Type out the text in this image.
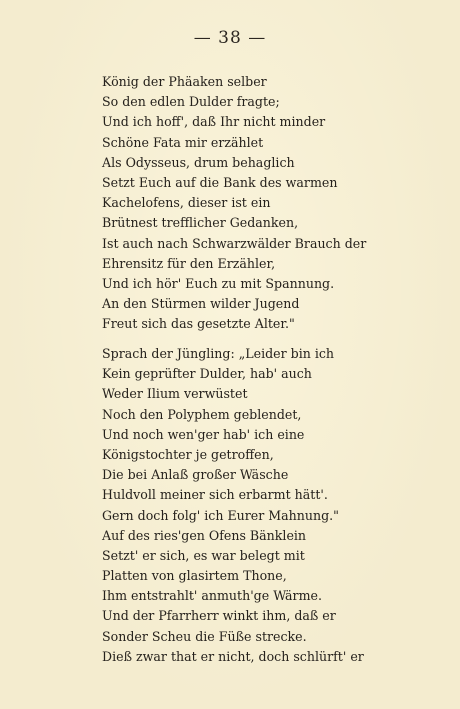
— 38 —
König der Phäaken selber
So den edlen Dulder fragte;
Und ich hoff', daß Ihr nicht minder
Schöne Fata mir erzählet
Als Odysseus, drum behaglich
Setzt Euch auf die Bank des warmen
Kachelofens, dieser ist ein
Brütnest trefflicher Gedanken,
Ist auch nach Schwarzwälder Brauch der
Ehrensitz für den Erzähler,
Und ich hör' Euch zu mit Spannung.
An den Stürmen wilder Jugend
Freut sich das gesetzte Alter."
Sprach der Jüngling: „Leider bin ich
Kein geprüfter Dulder, hab' auch
Weder Ilium verwüstet
Noch den Polyphem geblendet,
Und noch wen'ger hab' ich eine
Königstochter je getroffen,
Die bei Anlaß großer Wäsche
Huldvoll meiner sich erbarmt hätt'.
Gern doch folg' ich Eurer Mahnung."
Auf des ries'gen Ofens Bänklein
Setzt' er sich, es war belegt mit
Platten von glasirtem Thone,
Ihm entstrahlt' anmuth'ge Wärme.
Und der Pfarrherr winkt ihm, daß er
Sonder Scheu die Füße strecke.
Dieß zwar that er nicht, doch schlürft' er
